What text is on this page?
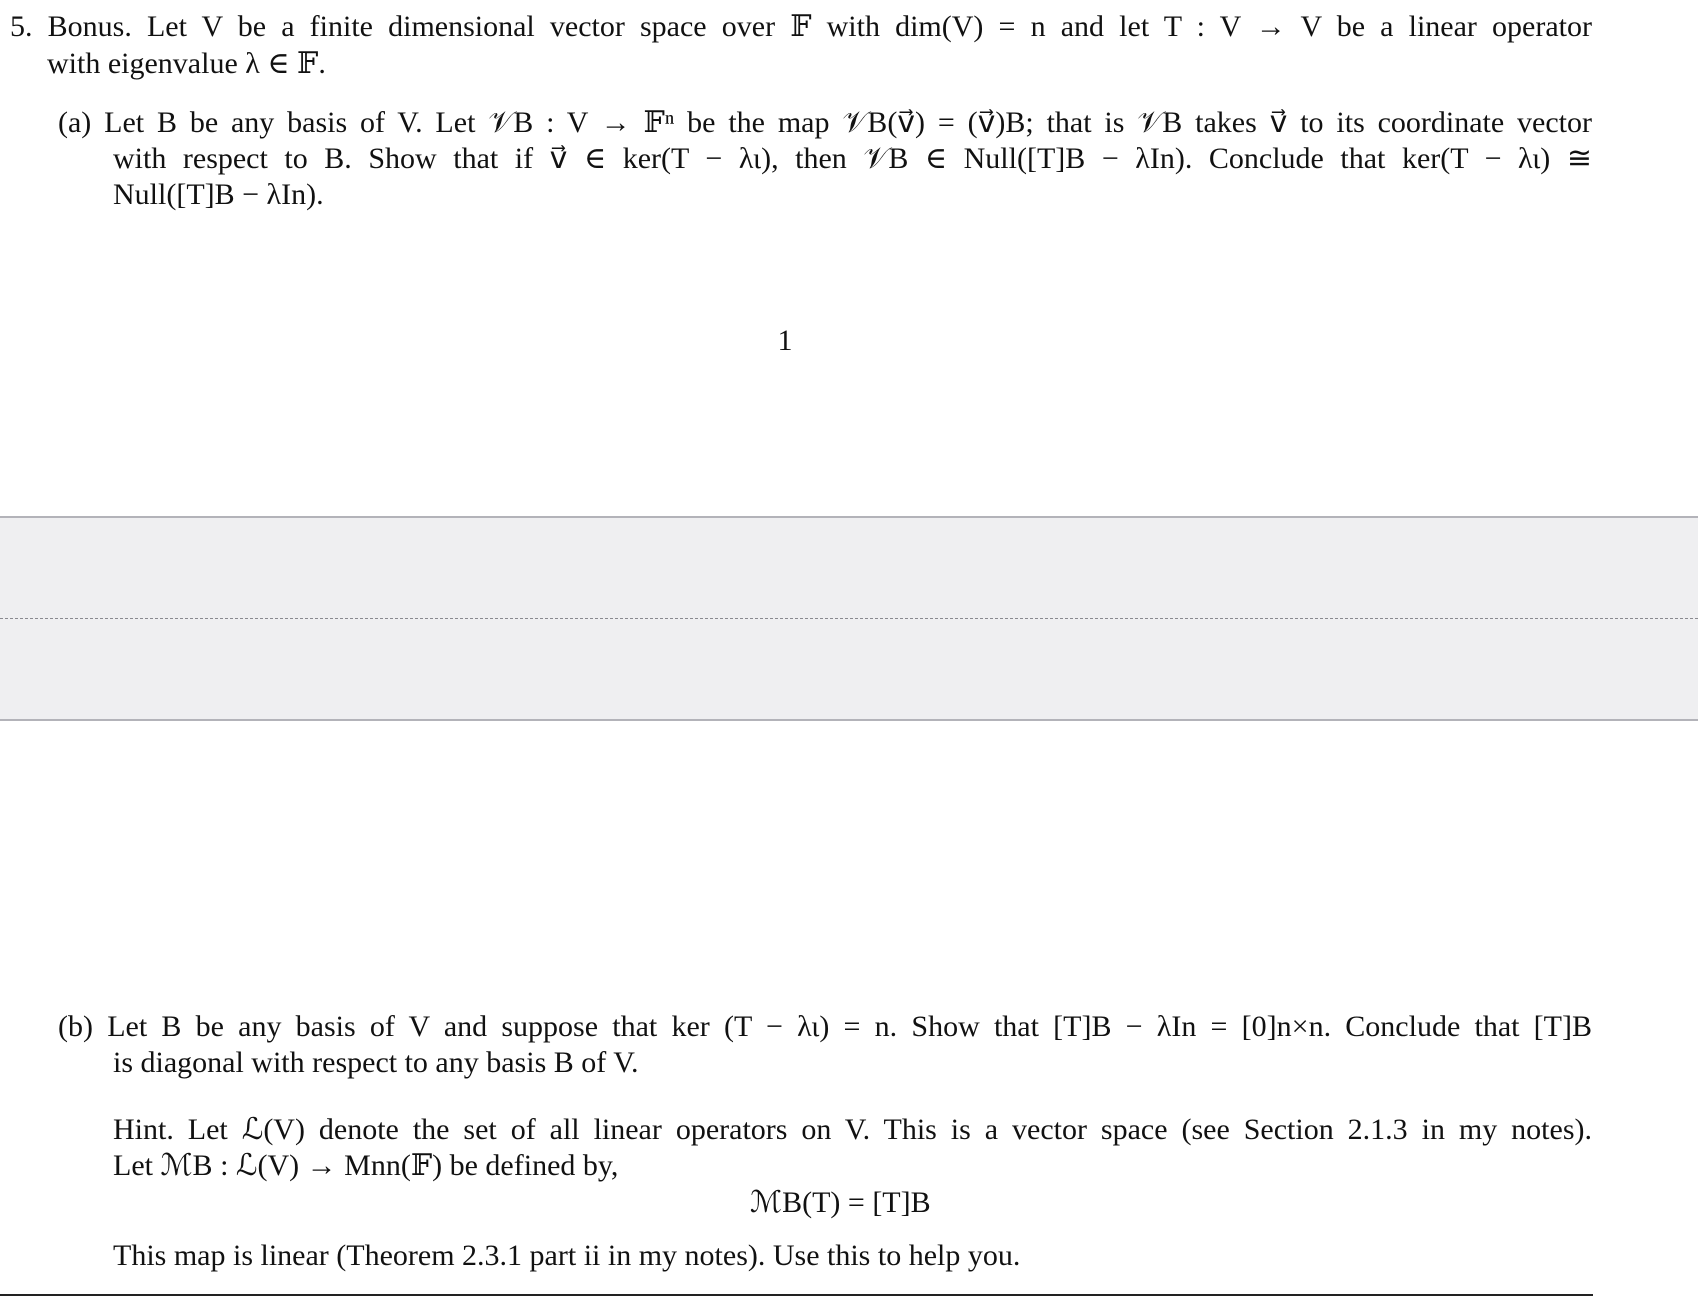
5. Bonus. Let V be a finite dimensional vector space over 𝔽 with dim(V) = n and let T : V → V be a linear operator
with eigenvalue λ ∈ 𝔽.
(a) Let B be any basis of V. Let 𝒱B : V → 𝔽ⁿ be the map 𝒱B(v⃗) = (v⃗)B; that is 𝒱B takes v⃗ to its coordinate vector
with respect to B. Show that if v⃗ ∈ ker(T − λι), then 𝒱B ∈ Null([T]B − λIn). Conclude that ker(T − λι) ≅
Null([T]B − λIn).
1
(b) Let B be any basis of V and suppose that ker (T − λι) = n. Show that [T]B − λIn = [0]n×n. Conclude that [T]B
is diagonal with respect to any basis B of V.
Hint. Let ℒ(V) denote the set of all linear operators on V. This is a vector space (see Section 2.1.3 in my notes).
Let ℳB : ℒ(V) → Mnn(𝔽) be defined by,
ℳB(T) = [T]B
This map is linear (Theorem 2.3.1 part ii in my notes). Use this to help you.
